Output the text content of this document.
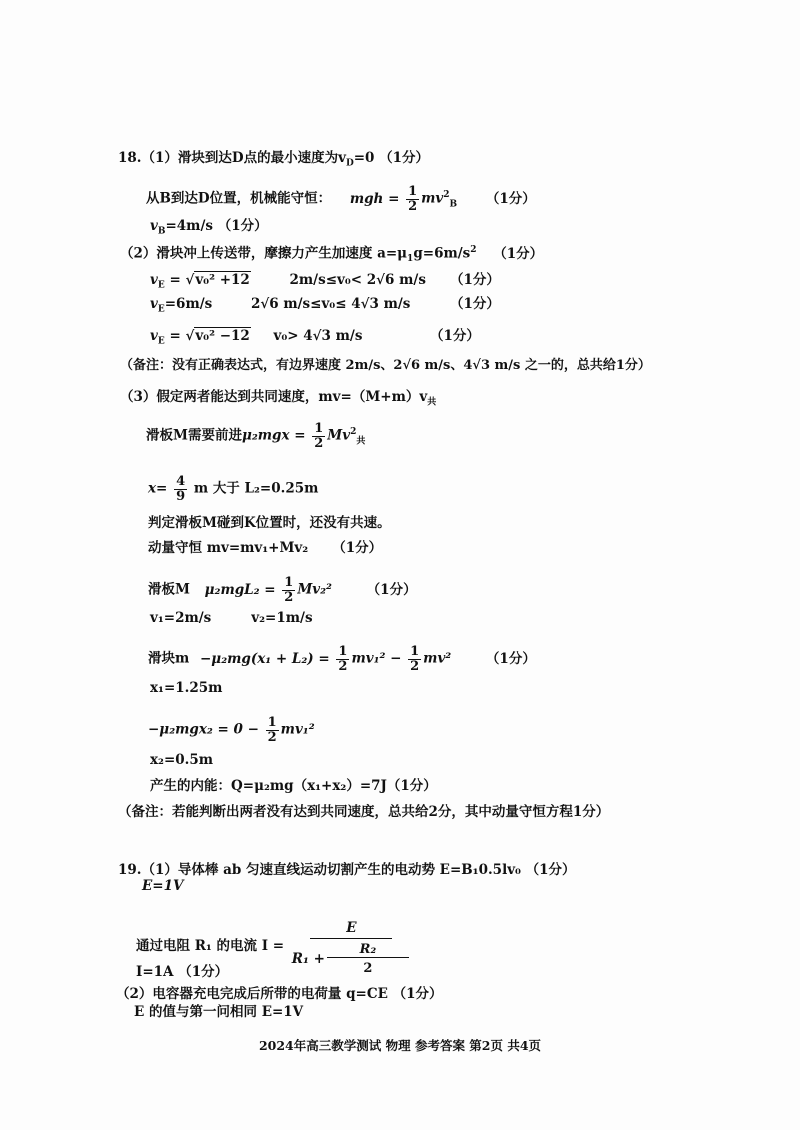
18.（1）滑块到达D点的最小速度为$v_D=0$ （1分）
从B到达D位置，机械能守恒： mgh = $\frac{1}{2} mv^2_B$ （1分）
$v_B=4m/s$ （1分）
（2）滑块冲上传送带，摩擦力产生加速度 $a=\mu_1g=6m/s^2$ （1分）
$v_E = √v_0^2 +12$	2m/s≤v₀< 2√6 m/s （1分）
$v_E=6m/s$	2√6 m/s≤v₀≤ 4√3 m/s	（1分）
$v_E = √v_0^2 -12$ v₀> 4√3 m/s	（1分）
（备注：没有正确表达式，有边界速度 2m/s、2√6 m/s、4√3 m/s 之一的，总共给1分）
（3）假定两者能达到共同速度，$mv=(M+m)v_共$
滑板M需要前进$\mu_2mgx = \frac{1}{2} Mv^2_共$
$x= \frac{4}{9}$ m 大于 L₂=0.25m
判定滑板M碰到K位置时，还没有共速。
动量守恒 mv=mv₁+Mv₂ （1分）
滑板M $\mu_2mgL_2 = \frac{1}{2} Mv_2^2$	（1分）
v₁=2m/s	v₂=1m/s
滑块$m -\mu_2mg(x_1 + L_2) = \frac{1}{2} mv_1^2 - \frac{1}{2} mv^2$	（1分）
x₁=1.25m
$-\mu_2mgx_2 = 0 - \frac{1}{2} mv_1^2$
x₂=0.5m
产生的内能：Q=μ₂mg（x₁+x₂）=7J（1分）
（备注：若能判断出两者没有达到共同速度，总共给2分，其中动量守恒方程1分）
19.（1）导体棒 ab 匀速直线运动切割产生的电动势 E=B₁0.5lv₀ （1分）
E=1V
通过电阻 R₁ 的电流 $I = \frac{E}{R_1 + \frac{\text{R₂}}{2}}$
I=1A （1分）
（2）电容器充电完成后所带的电荷量 q=CE （1分）
E 的值与第一问相同 E=1V
2024年高三教学测试 物理 参考答案 第2页 共4页
